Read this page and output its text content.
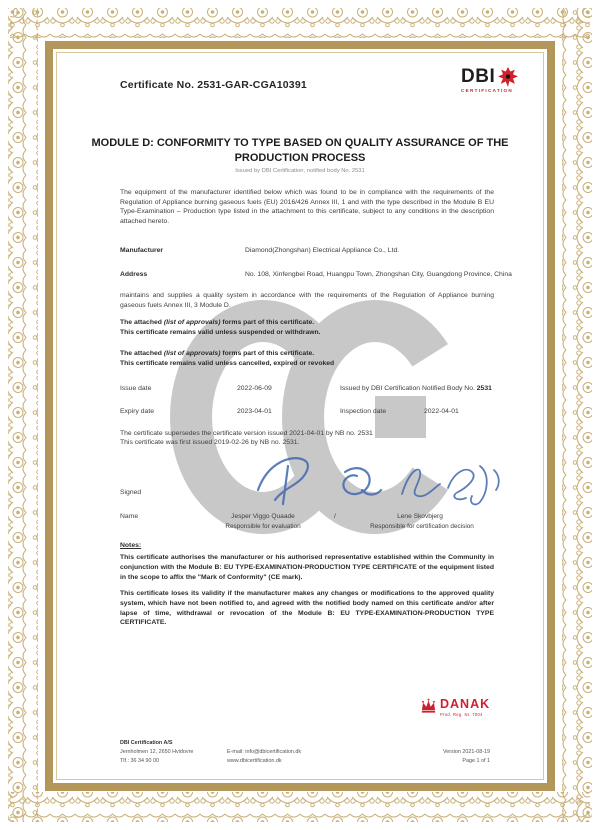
Certificate No. 2531-GAR-CGA10391	DBI
CERTIFICATION
MODULE D: CONFORMITY TO TYPE BASED ON QUALITY ASSURANCE OF THE PRODUCTION PROCESS
Issued by DBI Certification, notified body No. 2531
The equipment of the manufacturer identified below which was found to be in compliance with the requirements of the Regulation of Appliance burning gaseous fuels (EU) 2016/426 Annex III, 1 and with the type described in the Module B EU Type-Examination – Production type listed in the attachment to this certificate, subject to any conditions in the description attached hereto.
Manufacturer	Diamond(Zhongshan) Electrical Appliance Co., Ltd.
Address	No. 108, Xinfengbei Road, Huangpu Town, Zhongshan City, Guangdong Province, China
maintains and supplies a quality system in accordance with the requirements of the Regulation of Appliance burning gaseous fuels Annex III, 3 Module D.
The attached (list of approvals) forms part of this certificate.
This certificate remains valid unless suspended or withdrawn.
The attached (list of approvals) forms part of this certificate.
This certificate remains valid unless cancelled, expired or revoked
Issue date	2022-06-09	Issued by DBI Certification Notified Body No. 2531
Expiry date	2023-04-01	Inspection date	2022-04-01
The certificate supersedes the certificate version issued 2021-04-01 by NB no. 2531
This certificate was first issued 2019-02-26 by NB no. 2531.
Signed
Name	Jesper Viggo Quaade
Responsible for evaluation
/	Lene Skovbjerg
Responsible for certification decision
Notes:
This certificate authorises the manufacturer or his authorised representative established within the Community in conjunction with the Module B: EU TYPE-EXAMINATION-PRODUCTION TYPE CERTIFICATE of the equipment listed in the scope to affix the "Mark of Conformity" (CE mark).
This certificate loses its validity if the manufacturer makes any changes or modifications to the approved quality system, which have not been notified to, and agreed with the notified body named on this certificate and/or after lapse of time, withdrawal or revocation of the Module B: EU TYPE-EXAMINATION-PRODUCTION TYPE CERTIFICATE.
DANAK
Prod. Reg. Nr. 7004
DBI Certification A/S
Jernholmen 12, 2650 Hvidovre
Tlf.: 36 34 90 00
E-mail: info@dbicertification.dk
www.dbicertification.dk
Version 2021-08-19
Page 1 of 1
